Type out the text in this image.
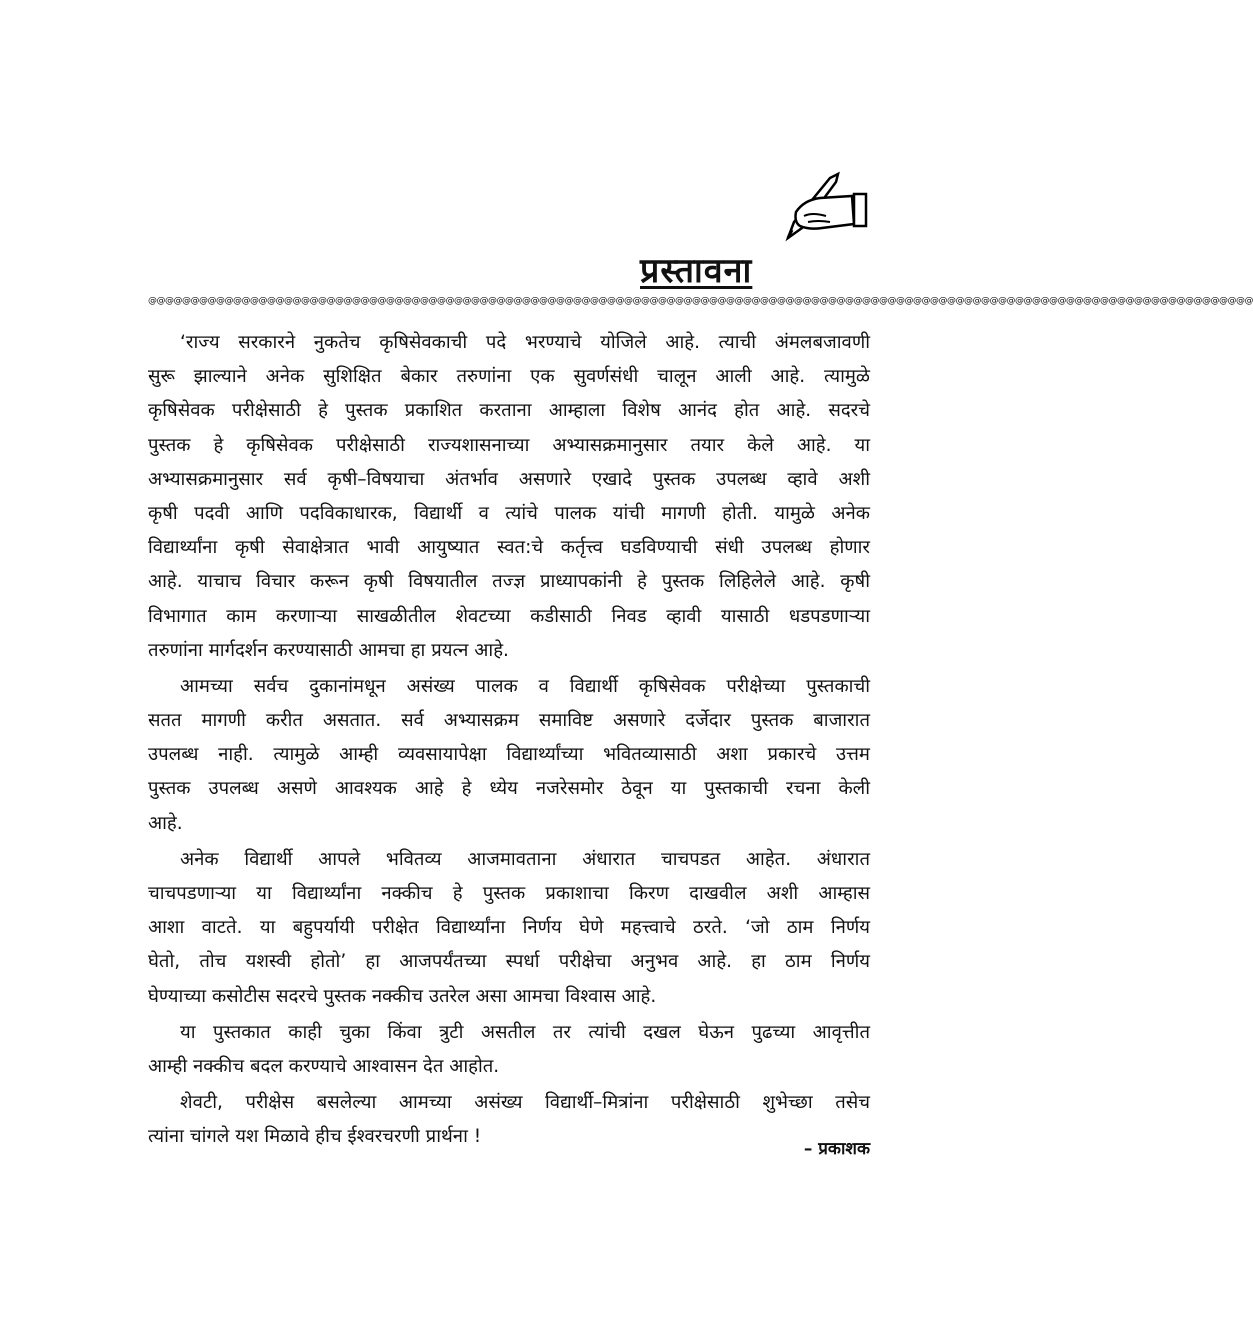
प्रस्तावना
@@@@@@@@@@@@@@@@@@@@@@@@@@@@@@@@@@@@@@@@@@@@@@@@@@@@@@@@@@@@@@@@@@@@@@@@@@@@@@@@@@@@@@@@@@@@@@@@@@@@@@@@@@@@@@@@@@@@@@@@@@@@@@@@@@
‘राज्य सरकारने नुकतेच कृषिसेवकाची पदे भरण्याचे योजिले आहे. त्याची अंमलबजावणी
सुरू झाल्याने अनेक सुशिक्षित बेकार तरुणांना एक सुवर्णसंधी चालून आली आहे. त्यामुळे
कृषिसेवक परीक्षेसाठी हे पुस्तक प्रकाशित करताना आम्हाला विशेष आनंद होत आहे. सदरचे
पुस्तक हे कृषिसेवक परीक्षेसाठी राज्यशासनाच्या अभ्यासक्रमानुसार तयार केले आहे. या
अभ्यासक्रमानुसार सर्व कृषी–विषयाचा अंतर्भाव असणारे एखादे पुस्तक उपलब्ध व्हावे अशी
कृषी पदवी आणि पदविकाधारक, विद्यार्थी व त्यांचे पालक यांची मागणी होती. यामुळे अनेक
विद्यार्थ्यांना कृषी सेवाक्षेत्रात भावी आयुष्यात स्वत:चे कर्तृत्त्व घडविण्याची संधी उपलब्ध होणार
आहे. याचाच विचार करून कृषी विषयातील तज्ज्ञ प्राध्यापकांनी हे पुस्तक लिहिलेले आहे. कृषी
विभागात काम करणाऱ्या साखळीतील शेवटच्या कडीसाठी निवड व्हावी यासाठी धडपडणाऱ्या
तरुणांना मार्गदर्शन करण्यासाठी आमचा हा प्रयत्न आहे.
आमच्या सर्वच दुकानांमधून असंख्य पालक व विद्यार्थी कृषिसेवक परीक्षेच्या पुस्तकाची
सतत मागणी करीत असतात. सर्व अभ्यासक्रम समाविष्ट असणारे दर्जेदार पुस्तक बाजारात
उपलब्ध नाही. त्यामुळे आम्ही व्यवसायापेक्षा विद्यार्थ्यांच्या भवितव्यासाठी अशा प्रकारचे उत्तम
पुस्तक उपलब्ध असणे आवश्यक आहे हे ध्येय नजरेसमोर ठेवून या पुस्तकाची रचना केली
आहे.
अनेक विद्यार्थी आपले भवितव्य आजमावताना अंधारात चाचपडत आहेत. अंधारात
चाचपडणाऱ्या या विद्यार्थ्यांना नक्कीच हे पुस्तक प्रकाशाचा किरण दाखवील अशी आम्हास
आशा वाटते. या बहुपर्यायी परीक्षेत विद्यार्थ्यांना निर्णय घेणे महत्त्वाचे ठरते. ‘जो ठाम निर्णय
घेतो, तोच यशस्वी होतो’ हा आजपर्यंतच्या स्पर्धा परीक्षेचा अनुभव आहे. हा ठाम निर्णय
घेण्याच्या कसोटीस सदरचे पुस्तक नक्कीच उतरेल असा आमचा विश्वास आहे.
या पुस्तकात काही चुका किंवा त्रुटी असतील तर त्यांची दखल घेऊन पुढच्या आवृत्तीत
आम्ही नक्कीच बदल करण्याचे आश्वासन देत आहोत.
शेवटी, परीक्षेस बसलेल्या आमच्या असंख्य विद्यार्थी–मित्रांना परीक्षेसाठी शुभेच्छा तसेच
त्यांना चांगले यश मिळावे हीच ईश्वरचरणी प्रार्थना !
– प्रकाशक
